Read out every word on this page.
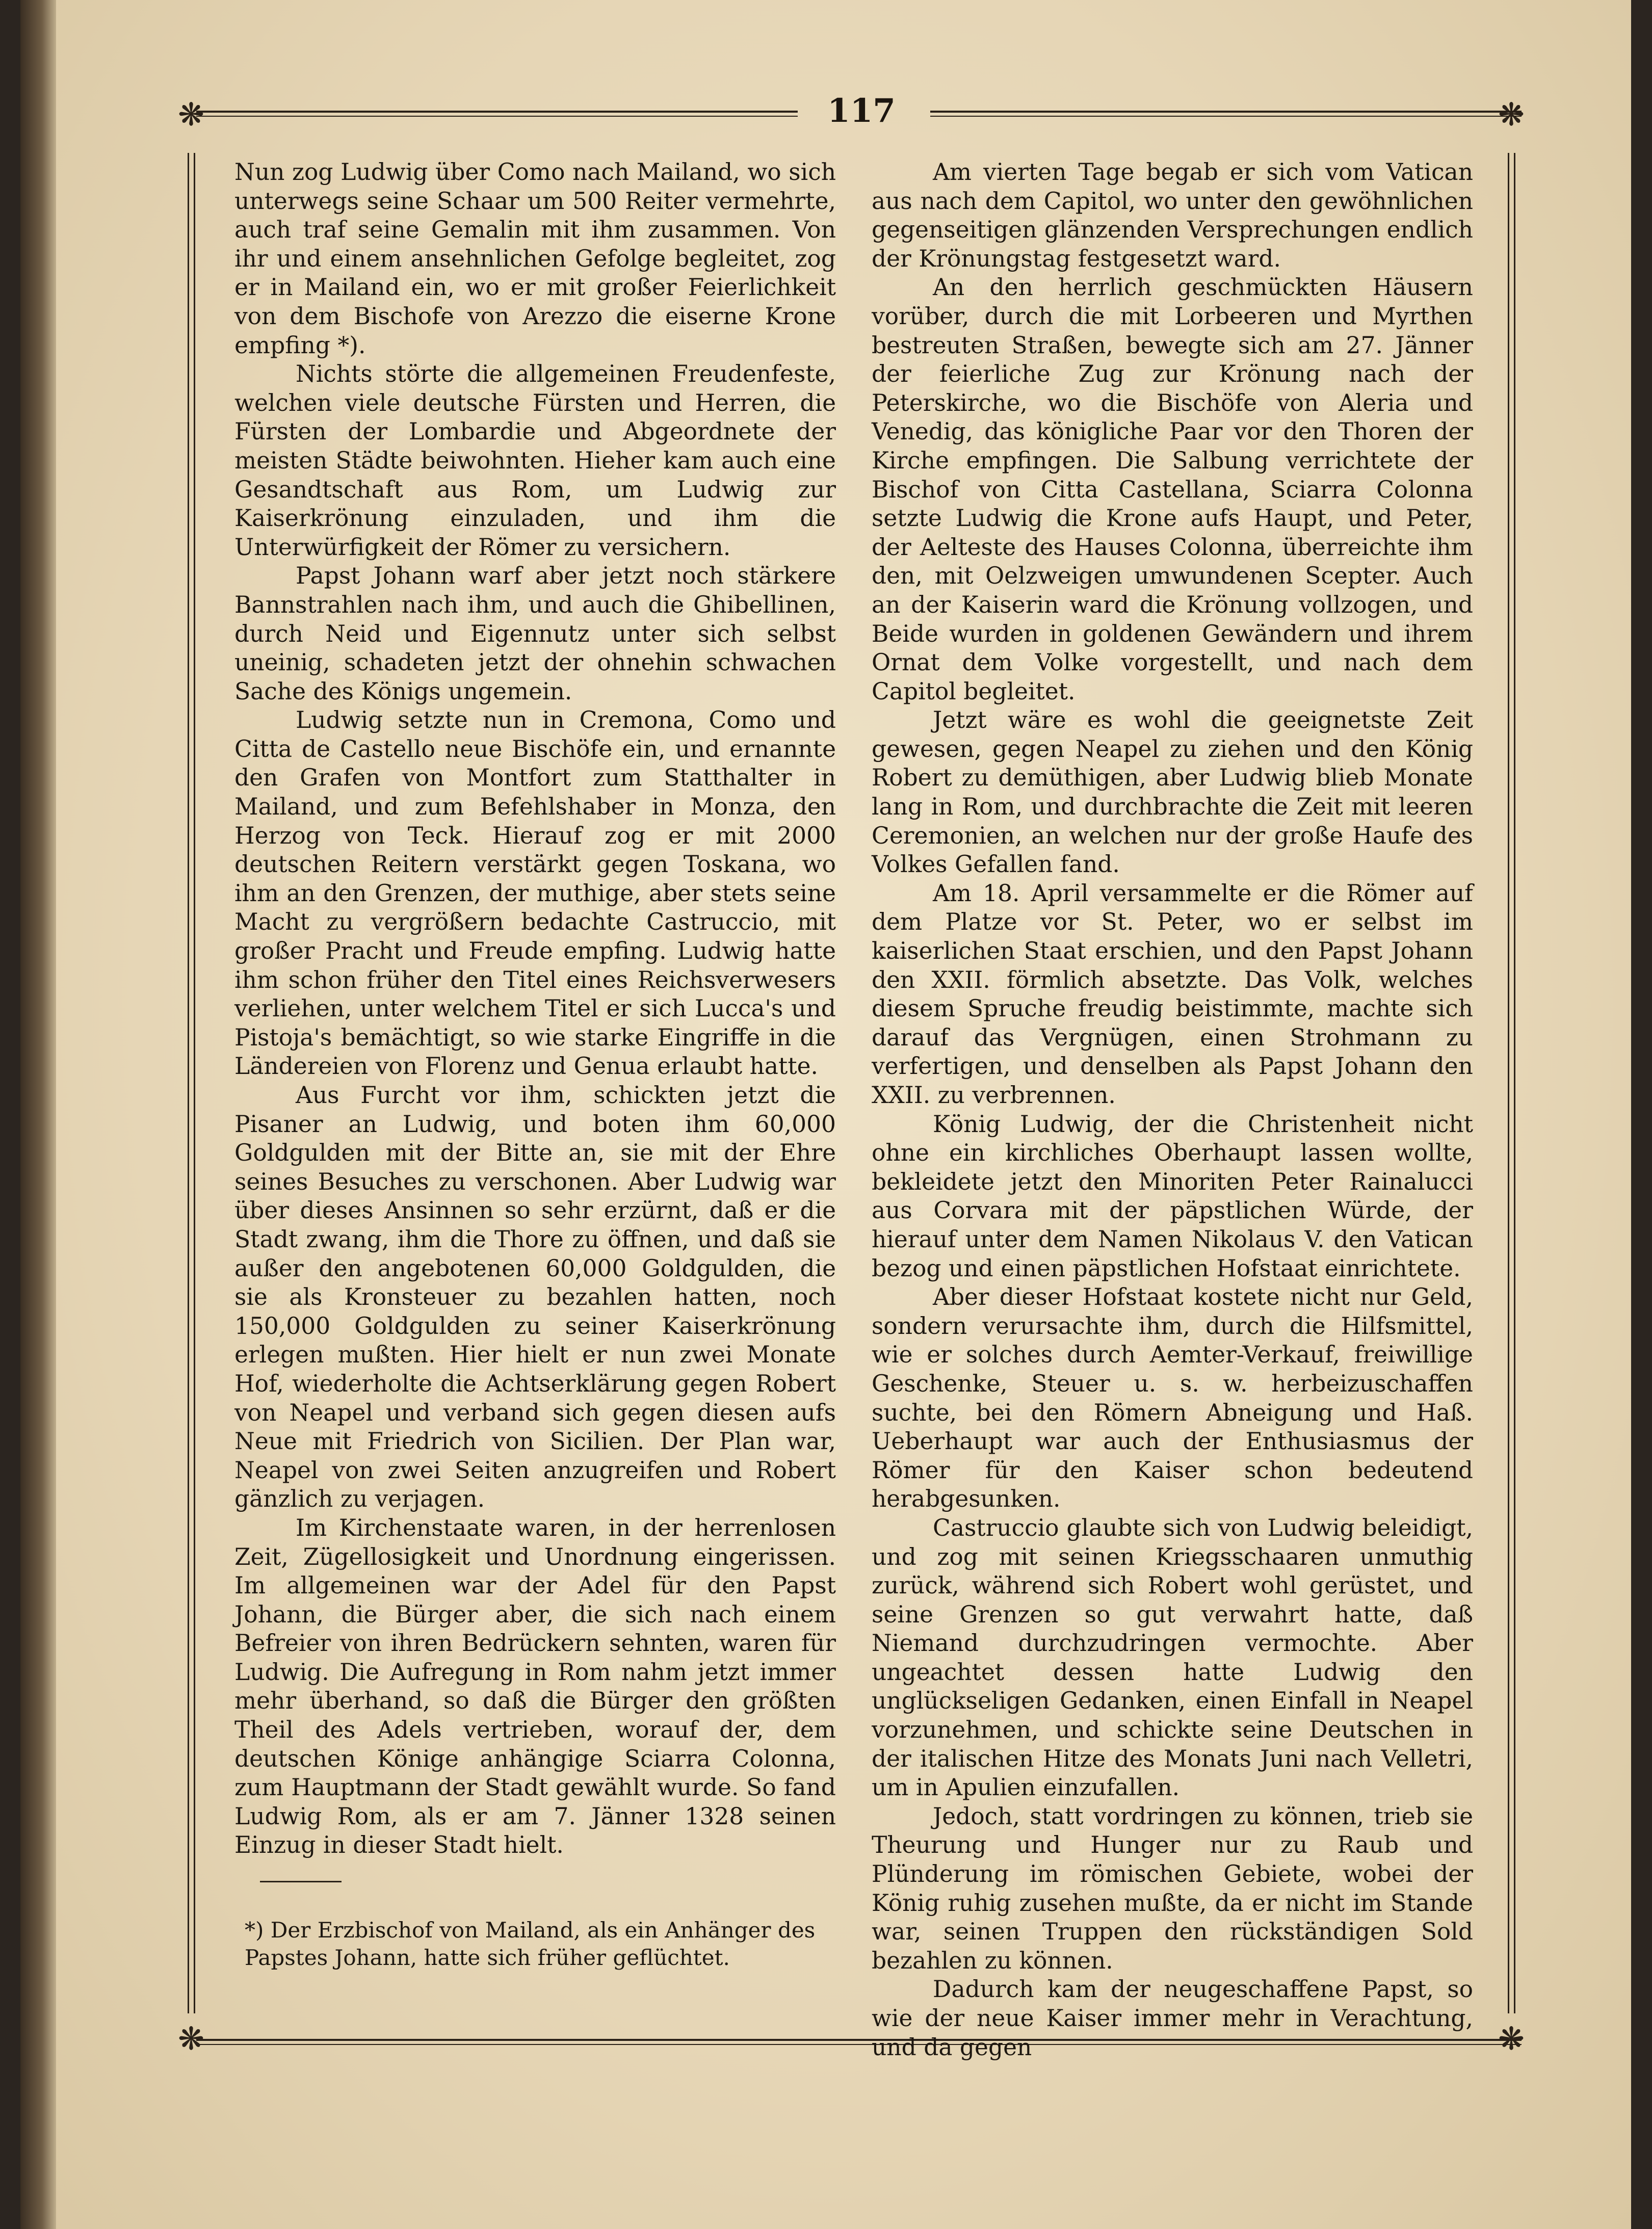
❋	❋
117
❋	❋

Nun zog Ludwig über Como nach Mailand, wo sich unterwegs seine Schaar um 500 Reiter vermehrte, auch traf seine Gemalin mit ihm zusammen. Von ihr und einem ansehnlichen Gefolge begleitet, zog er in Mailand ein, wo er mit großer Feierlichkeit von dem Bischofe von Arezzo die eiserne Krone empfing *).

Nichts störte die allgemeinen Freudenfeste, welchen viele deutsche Fürsten und Herren, die Fürsten der Lombardie und Abgeordnete der meisten Städte beiwohnten. Hieher kam auch eine Gesandtschaft aus Rom, um Ludwig zur Kaiserkrönung einzuladen, und ihm die Unterwürfigkeit der Römer zu versichern.

Papst Johann warf aber jetzt noch stärkere Bannstrahlen nach ihm, und auch die Ghibellinen, durch Neid und Eigennutz unter sich selbst uneinig, schadeten jetzt der ohnehin schwachen Sache des Königs ungemein.

Ludwig setzte nun in Cremona, Como und Citta de Castello neue Bischöfe ein, und ernannte den Grafen von Montfort zum Statthalter in Mailand, und zum Befehlshaber in Monza, den Herzog von Teck. Hierauf zog er mit 2000 deutschen Reitern verstärkt gegen Toskana, wo ihm an den Grenzen, der muthige, aber stets seine Macht zu vergrößern bedachte Castruccio, mit großer Pracht und Freude empfing. Ludwig hatte ihm schon früher den Titel eines Reichsverwesers verliehen, unter welchem Titel er sich Lucca's und Pistoja's bemächtigt, so wie starke Eingriffe in die Ländereien von Florenz und Genua erlaubt hatte.

Aus Furcht vor ihm, schickten jetzt die Pisaner an Ludwig, und boten ihm 60,000 Goldgulden mit der Bitte an, sie mit der Ehre seines Besuches zu verschonen. Aber Ludwig war über dieses Ansinnen so sehr erzürnt, daß er die Stadt zwang, ihm die Thore zu öffnen, und daß sie außer den angebotenen 60,000 Goldgulden, die sie als Kronsteuer zu bezahlen hatten, noch 150,000 Goldgulden zu seiner Kaiserkrönung erlegen mußten. Hier hielt er nun zwei Monate Hof, wiederholte die Achtserklärung gegen Robert von Neapel und verband sich gegen diesen aufs Neue mit Friedrich von Sicilien. Der Plan war, Neapel von zwei Seiten anzugreifen und Robert gänzlich zu verjagen.

Im Kirchenstaate waren, in der herrenlosen Zeit, Zügellosigkeit und Unordnung eingerissen. Im allgemeinen war der Adel für den Papst Johann, die Bürger aber, die sich nach einem Befreier von ihren Bedrückern sehnten, waren für Ludwig. Die Aufregung in Rom nahm jetzt immer mehr überhand, so daß die Bürger den größten Theil des Adels vertrieben, worauf der, dem deutschen Könige anhängige Sciarra Colonna, zum Hauptmann der Stadt gewählt wurde. So fand Ludwig Rom, als er am 7. Jänner 1328 seinen Einzug in dieser Stadt hielt.

*) Der Erzbischof von Mailand, als ein Anhänger des Papstes Johann, hatte sich früher geflüchtet.

Am vierten Tage begab er sich vom Vatican aus nach dem Capitol, wo unter den gewöhnlichen gegenseitigen glänzenden Versprechungen endlich der Krönungstag festgesetzt ward.

An den herrlich geschmückten Häusern vorüber, durch die mit Lorbeeren und Myrthen bestreuten Straßen, bewegte sich am 27. Jänner der feierliche Zug zur Krönung nach der Peterskirche, wo die Bischöfe von Aleria und Venedig, das königliche Paar vor den Thoren der Kirche empfingen. Die Salbung verrichtete der Bischof von Citta Castellana, Sciarra Colonna setzte Ludwig die Krone aufs Haupt, und Peter, der Aelteste des Hauses Colonna, überreichte ihm den, mit Oelzweigen umwundenen Scepter. Auch an der Kaiserin ward die Krönung vollzogen, und Beide wurden in goldenen Gewändern und ihrem Ornat dem Volke vorgestellt, und nach dem Capitol begleitet.

Jetzt wäre es wohl die geeignetste Zeit gewesen, gegen Neapel zu ziehen und den König Robert zu demüthigen, aber Ludwig blieb Monate lang in Rom, und durchbrachte die Zeit mit leeren Ceremonien, an welchen nur der große Haufe des Volkes Gefallen fand.

Am 18. April versammelte er die Römer auf dem Platze vor St. Peter, wo er selbst im kaiserlichen Staat erschien, und den Papst Johann den XXII. förmlich absetzte. Das Volk, welches diesem Spruche freudig beistimmte, machte sich darauf das Vergnügen, einen Strohmann zu verfertigen, und denselben als Papst Johann den XXII. zu verbrennen.

König Ludwig, der die Christenheit nicht ohne ein kirchliches Oberhaupt lassen wollte, bekleidete jetzt den Minoriten Peter Rainalucci aus Corvara mit der päpstlichen Würde, der hierauf unter dem Namen Nikolaus V. den Vatican bezog und einen päpstlichen Hofstaat einrichtete.

Aber dieser Hofstaat kostete nicht nur Geld, sondern verursachte ihm, durch die Hilfsmittel, wie er solches durch Aemter-Verkauf, freiwillige Geschenke, Steuer u. s. w. herbeizuschaffen suchte, bei den Römern Abneigung und Haß. Ueberhaupt war auch der Enthusiasmus der Römer für den Kaiser schon bedeutend herabgesunken.

Castruccio glaubte sich von Ludwig beleidigt, und zog mit seinen Kriegsschaaren unmuthig zurück, während sich Robert wohl gerüstet, und seine Grenzen so gut verwahrt hatte, daß Niemand durchzudringen vermochte. Aber ungeachtet dessen hatte Ludwig den unglückseligen Gedanken, einen Einfall in Neapel vorzunehmen, und schickte seine Deutschen in der italischen Hitze des Monats Juni nach Velletri, um in Apulien einzufallen.

Jedoch, statt vordringen zu können, trieb sie Theurung und Hunger nur zu Raub und Plünderung im römischen Gebiete, wobei der König ruhig zusehen mußte, da er nicht im Stande war, seinen Truppen den rückständigen Sold bezahlen zu können.

Dadurch kam der neugeschaffene Papst, so wie der neue Kaiser immer mehr in Verachtung, und da gegen
